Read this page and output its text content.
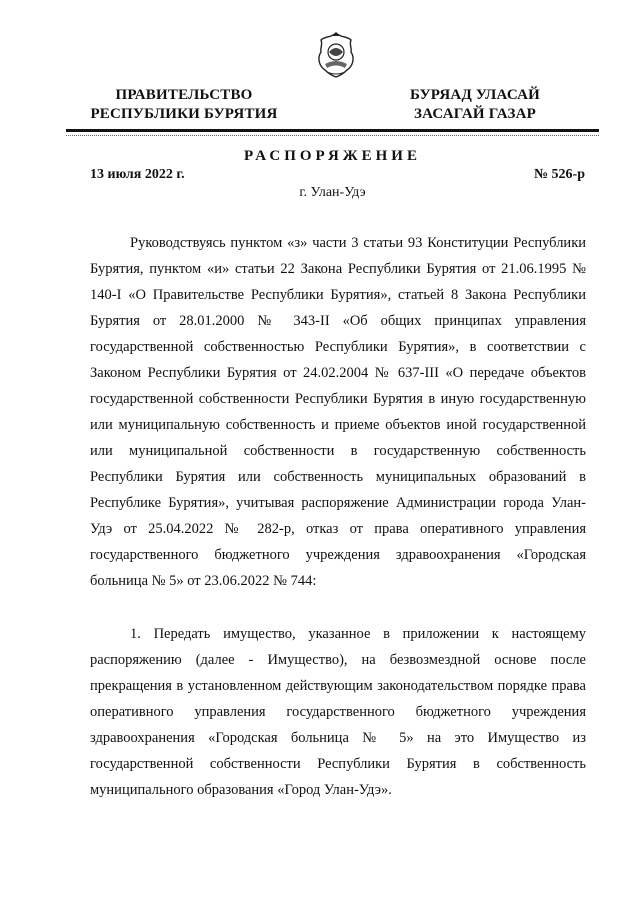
ПРАВИТЕЛЬСТВО
РЕСПУБЛИКИ БУРЯТИЯ
БУРЯАД УЛАСАЙ
ЗАСАГАЙ ГАЗАР
РАСПОРЯЖЕНИЕ
13 июля 2022 г.	№ 526-р
г. Улан-Удэ

Руководствуясь пунктом «з» части 3 статьи 93 Конституции Республики Бурятия, пунктом «и» статьи 22 Закона Республики Бурятия от 21.06.1995 № 140-I «О Правительстве Республики Бурятия», статьей 8 Закона Республики Бурятия от 28.01.2000 № 343-II «Об общих принципах управления государственной собственностью Республики Бурятия», в соответствии с Законом Республики Бурятия от 24.02.2004 № 637-III «О передаче объектов государственной собственности Республики Бурятия в иную государственную или муниципальную собственность и приеме объектов иной государственной или муниципальной собственности в государственную собственность Республики Бурятия или собственность муниципальных образований в Республике Бурятия», учитывая распоряжение Администрации города Улан-Удэ от 25.04.2022 № 282-р, отказ от права оперативного управления государственного бюджетного учреждения здравоохранения «Городская больница № 5» от 23.06.2022 № 744:

1. Передать имущество, указанное в приложении к настоящему распоряжению (далее - Имущество), на безвозмездной основе после прекращения в установленном действующим законодательством порядке права оперативного управления государственного бюджетного учреждения здравоохранения «Городская больница № 5» на это Имущество из государственной собственности Республики Бурятия в собственность муниципального образования «Город Улан-Удэ».
